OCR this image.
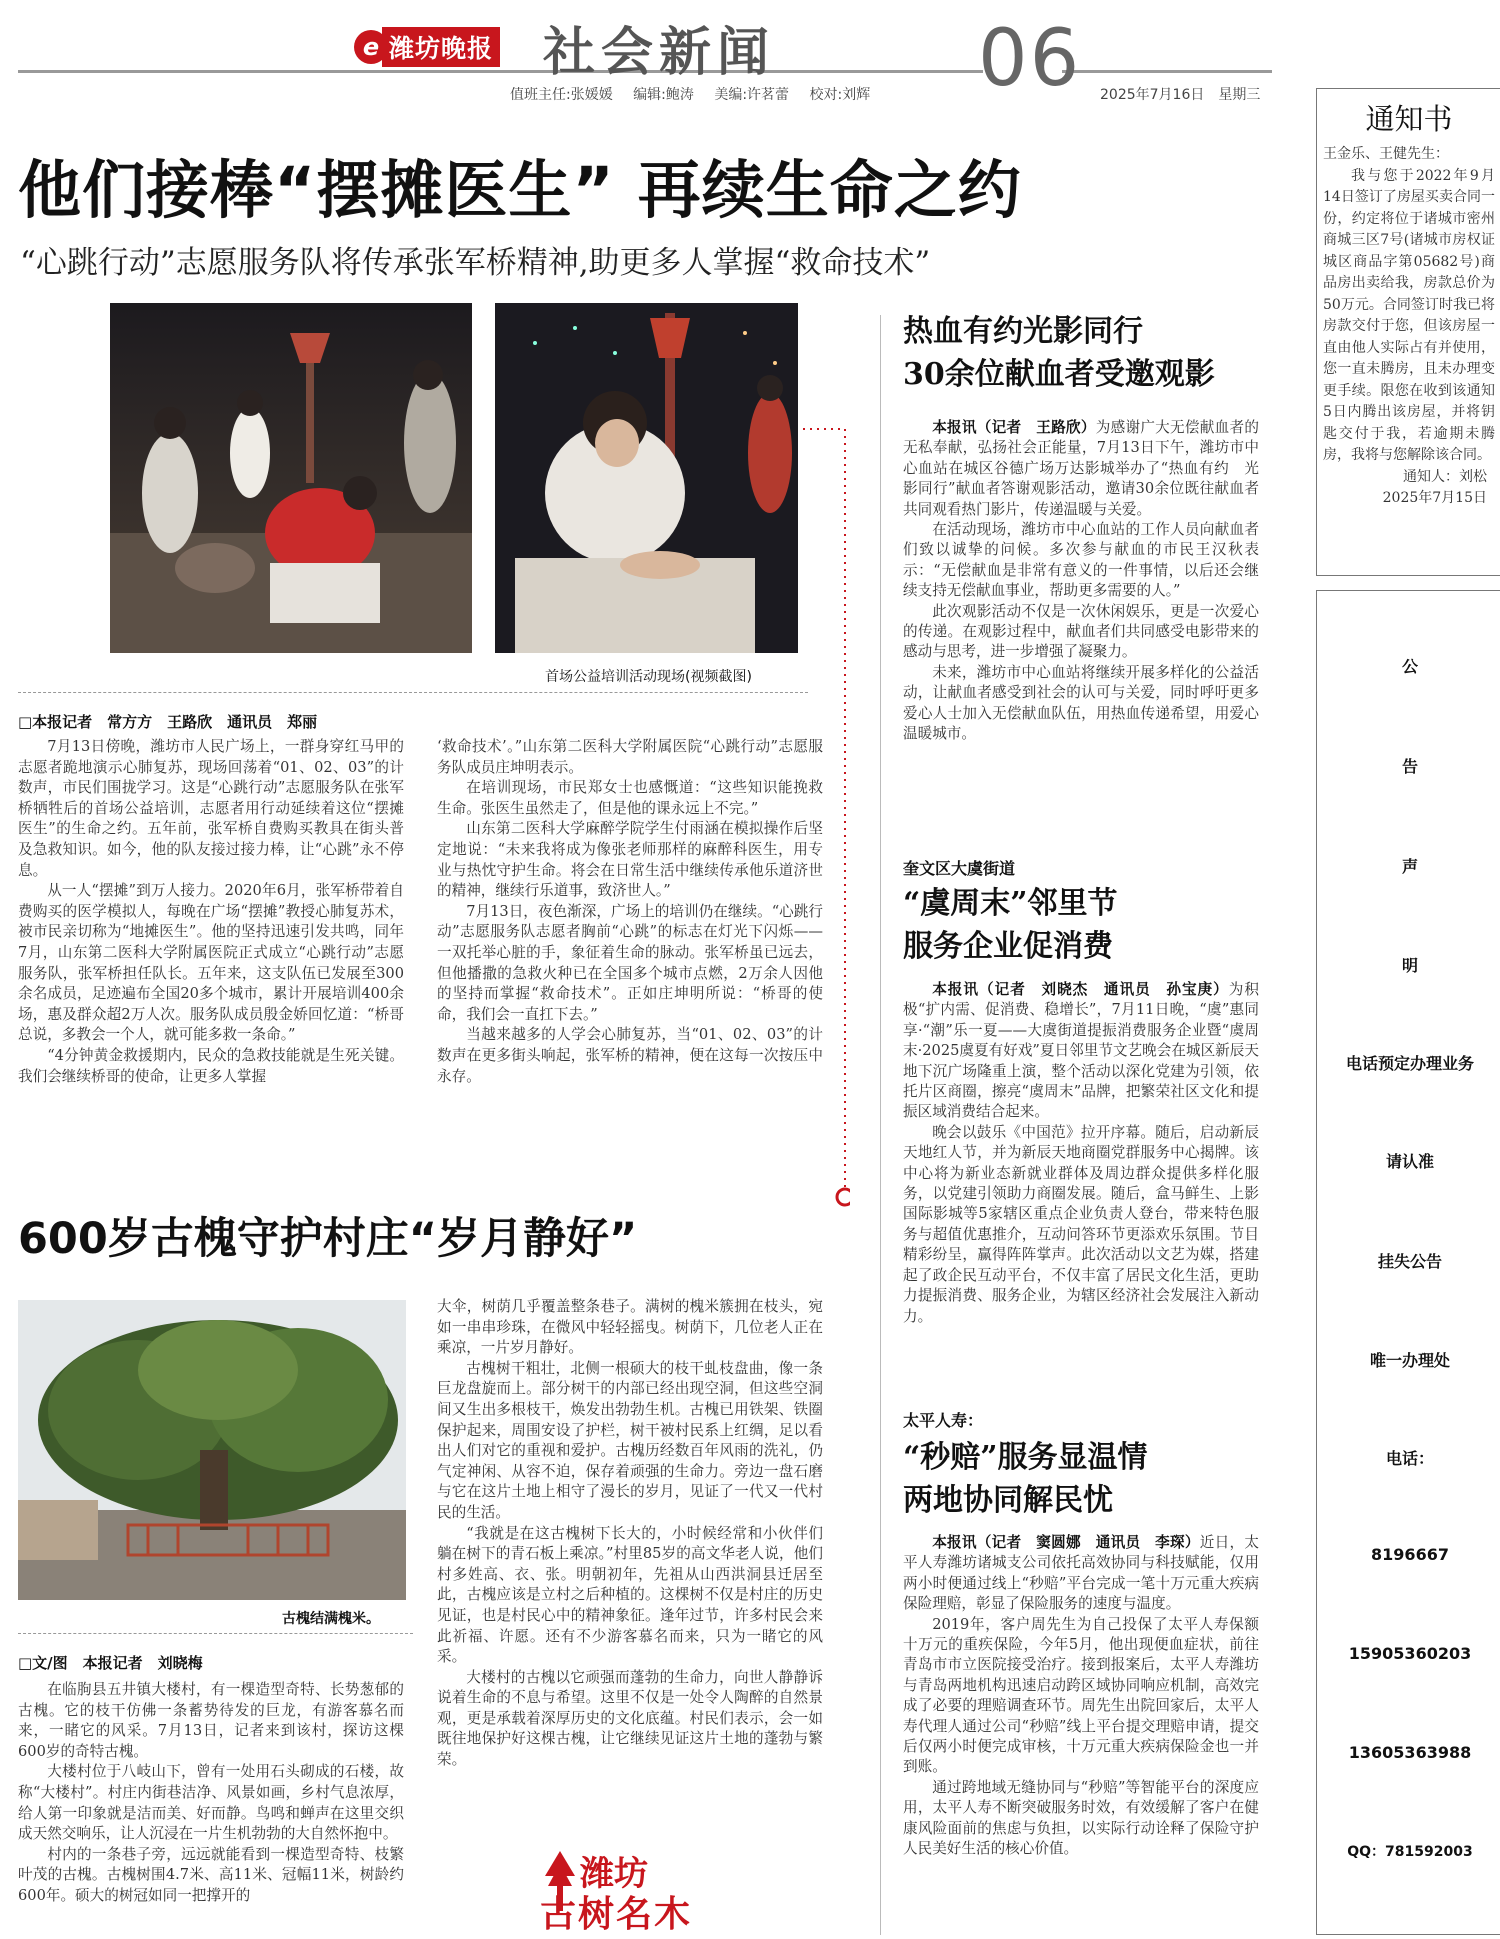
e 潍坊晚报 社会新闻	06
值班主任:张媛媛 编辑:鲍涛 美编:许茗蕾 校对:刘辉	2025年7月16日　星期三
他们接棒“摆摊医生” 再续生命之约
“心跳行动”志愿服务队将传承张军桥精神,助更多人掌握“救命技术”
首场公益培训活动现场(视频截图)
□本报记者　常方方　王路欣　通讯员　郑丽

7月13日傍晚，潍坊市人民广场上，一群身穿红马甲的志愿者跪地演示心肺复苏，现场回荡着“01、02、03”的计数声，市民们围拢学习。这是“心跳行动”志愿服务队在张军桥牺牲后的首场公益培训，志愿者用行动延续着这位“摆摊医生”的生命之约。五年前，张军桥自费购买教具在街头普及急救知识。如今，他的队友接过接力棒，让“心跳”永不停息。

从一人“摆摊”到万人接力。2020年6月，张军桥带着自费购买的医学模拟人，每晚在广场“摆摊”教授心肺复苏术，被市民亲切称为“地摊医生”。他的坚持迅速引发共鸣，同年7月，山东第二医科大学附属医院正式成立“心跳行动”志愿服务队，张军桥担任队长。五年来，这支队伍已发展至300余名成员，足迹遍布全国20多个城市，累计开展培训400余场，惠及群众超2万人次。服务队成员殷金娇回忆道：“桥哥总说，多教会一个人，就可能多救一条命。”

“4分钟黄金救援期内，民众的急救技能就是生死关键。我们会继续桥哥的使命，让更多人掌握

‘救命技术’。”山东第二医科大学附属医院“心跳行动”志愿服务队成员庄坤明表示。

在培训现场，市民郑女士也感慨道：“这些知识能挽救生命。张医生虽然走了，但是他的课永远上不完。”

山东第二医科大学麻醉学院学生付雨涵在模拟操作后坚定地说：“未来我将成为像张老师那样的麻醉科医生，用专业与热忱守护生命。将会在日常生活中继续传承他乐道济世的精神，继续行乐道事，致济世人。”

7月13日，夜色渐深，广场上的培训仍在继续。“心跳行动”志愿服务队志愿者胸前“心跳”的标志在灯光下闪烁——一双托举心脏的手，象征着生命的脉动。张军桥虽已远去，但他播撒的急救火种已在全国多个城市点燃，2万余人因他的坚持而掌握“救命技术”。正如庄坤明所说：“桥哥的使命，我们会一直扛下去。”

当越来越多的人学会心肺复苏，当“01、02、03”的计数声在更多街头响起，张军桥的精神，便在这每一次按压中永存。

600岁古槐守护村庄“岁月静好”
古槐结满槐米。
□文/图　本报记者　刘晓梅

在临朐县五井镇大楼村，有一棵造型奇特、长势葱郁的古槐。它的枝干仿佛一条蓄势待发的巨龙，有游客慕名而来，一睹它的风采。7月13日，记者来到该村，探访这棵600岁的奇特古槐。

大楼村位于八岐山下，曾有一处用石头砌成的石楼，故称“大楼村”。村庄内街巷洁净、风景如画，乡村气息浓厚，给人第一印象就是洁而美、好而静。鸟鸣和蝉声在这里交织成天然交响乐，让人沉浸在一片生机勃勃的大自然怀抱中。

村内的一条巷子旁，远远就能看到一棵造型奇特、枝繁叶茂的古槐。古槐树围4.7米、高11米、冠幅11米，树龄约600年。硕大的树冠如同一把撑开的

大伞，树荫几乎覆盖整条巷子。满树的槐米簇拥在枝头，宛如一串串珍珠，在微风中轻轻摇曳。树荫下，几位老人正在乘凉，一片岁月静好。

古槐树干粗壮，北侧一根硕大的枝干虬枝盘曲，像一条巨龙盘旋而上。部分树干的内部已经出现空洞，但这些空洞间又生出多根枝干，焕发出勃勃生机。古槐已用铁架、铁圈保护起来，周围安设了护栏，树干被村民系上红绸，足以看出人们对它的重视和爱护。古槐历经数百年风雨的洗礼，仍气定神闲、从容不迫，保存着顽强的生命力。旁边一盘石磨与它在这片土地上相守了漫长的岁月，见证了一代又一代村民的生活。

“我就是在这古槐树下长大的，小时候经常和小伙伴们躺在树下的青石板上乘凉。”村里85岁的高文华老人说，他们村多姓高、衣、张。明朝初年，先祖从山西洪洞县迁居至此，古槐应该是立村之后种植的。这棵树不仅是村庄的历史见证，也是村民心中的精神象征。逢年过节，许多村民会来此祈福、许愿。还有不少游客慕名而来，只为一睹它的风采。

大楼村的古槐以它顽强而蓬勃的生命力，向世人静静诉说着生命的不息与希望。这里不仅是一处令人陶醉的自然景观，更是承载着深厚历史的文化底蕴。村民们表示，会一如既往地保护好这棵古槐，让它继续见证这片土地的蓬勃与繁荣。

潍坊
古树名木
热血有约光影同行
30余位献血者受邀观影

本报讯（记者　王路欣）为感谢广大无偿献血者的无私奉献，弘扬社会正能量，7月13日下午，潍坊市中心血站在城区谷德广场万达影城举办了“热血有约　光影同行”献血者答谢观影活动，邀请30余位既往献血者共同观看热门影片，传递温暖与关爱。

在活动现场，潍坊市中心血站的工作人员向献血者们致以诚挚的问候。多次参与献血的市民王汉秋表示：“无偿献血是非常有意义的一件事情，以后还会继续支持无偿献血事业，帮助更多需要的人。”

此次观影活动不仅是一次休闲娱乐，更是一次爱心的传递。在观影过程中，献血者们共同感受电影带来的感动与思考，进一步增强了凝聚力。

未来，潍坊市中心血站将继续开展多样化的公益活动，让献血者感受到社会的认可与关爱，同时呼吁更多爱心人士加入无偿献血队伍，用热血传递希望，用爱心温暖城市。

奎文区大虞街道
“虞周末”邻里节
服务企业促消费

本报讯（记者　刘晓杰　通讯员　孙宝庚）为积极“扩内需、促消费、稳增长”，7月11日晚，“虞”惠同享·“潮”乐一夏——大虞街道提振消费服务企业暨“虞周末·2025虞夏有好戏”夏日邻里节文艺晚会在城区新辰天地下沉广场隆重上演，整个活动以深化党建为引领，依托片区商圈，擦亮“虞周末”品牌，把繁荣社区文化和提振区域消费结合起来。

晚会以鼓乐《中国范》拉开序幕。随后，启动新辰天地红人节，并为新辰天地商圈党群服务中心揭牌。该中心将为新业态新就业群体及周边群众提供多样化服务，以党建引领助力商圈发展。随后，盒马鲜生、上影国际影城等5家辖区重点企业负责人登台，带来特色服务与超值优惠推介，互动问答环节更添欢乐氛围。节目精彩纷呈，赢得阵阵掌声。此次活动以文艺为媒，搭建起了政企民互动平台，不仅丰富了居民文化生活，更助力提振消费、服务企业，为辖区经济社会发展注入新动力。

太平人寿：
“秒赔”服务显温情
两地协同解民忧

本报讯（记者　窦圆娜　通讯员　李琛）近日，太平人寿潍坊诸城支公司依托高效协同与科技赋能，仅用两小时便通过线上“秒赔”平台完成一笔十万元重大疾病保险理赔，彰显了保险服务的速度与温度。

2019年，客户周先生为自己投保了太平人寿保额十万元的重疾保险，今年5月，他出现便血症状，前往青岛市市立医院接受治疗。接到报案后，太平人寿潍坊与青岛两地机构迅速启动跨区域协同响应机制，高效完成了必要的理赔调查环节。周先生出院回家后，太平人寿代理人通过公司“秒赔”线上平台提交理赔申请，提交后仅两小时便完成审核，十万元重大疾病保险金也一并到账。

通过跨地域无缝协同与“秒赔”等智能平台的深度应用，太平人寿不断突破服务时效，有效缓解了客户在健康风险面前的焦虑与负担，以实际行动诠释了保险守护人民美好生活的核心价值。

通知书
王金乐、王健先生：

我与您于2022年9月14日签订了房屋买卖合同一份，约定将位于诸城市密州商城三区7号(诸城市房权证城区商品字第05682号)商品房出卖给我，房款总价为50万元。合同签订时我已将房款交付于您，但该房屋一直由他人实际占有并使用，您一直未腾房，且未办理变更手续。限您在收到该通知5日内腾出该房屋，并将钥匙交付于我，若逾期未腾房，我将与您解除该合同。

通知人：刘松
2025年7月15日
公
告
声
明
电话预定办理业务
请认准
挂失公告
唯一办理处
电话：
8196667
15905360203
13605363988
QQ：781592003
